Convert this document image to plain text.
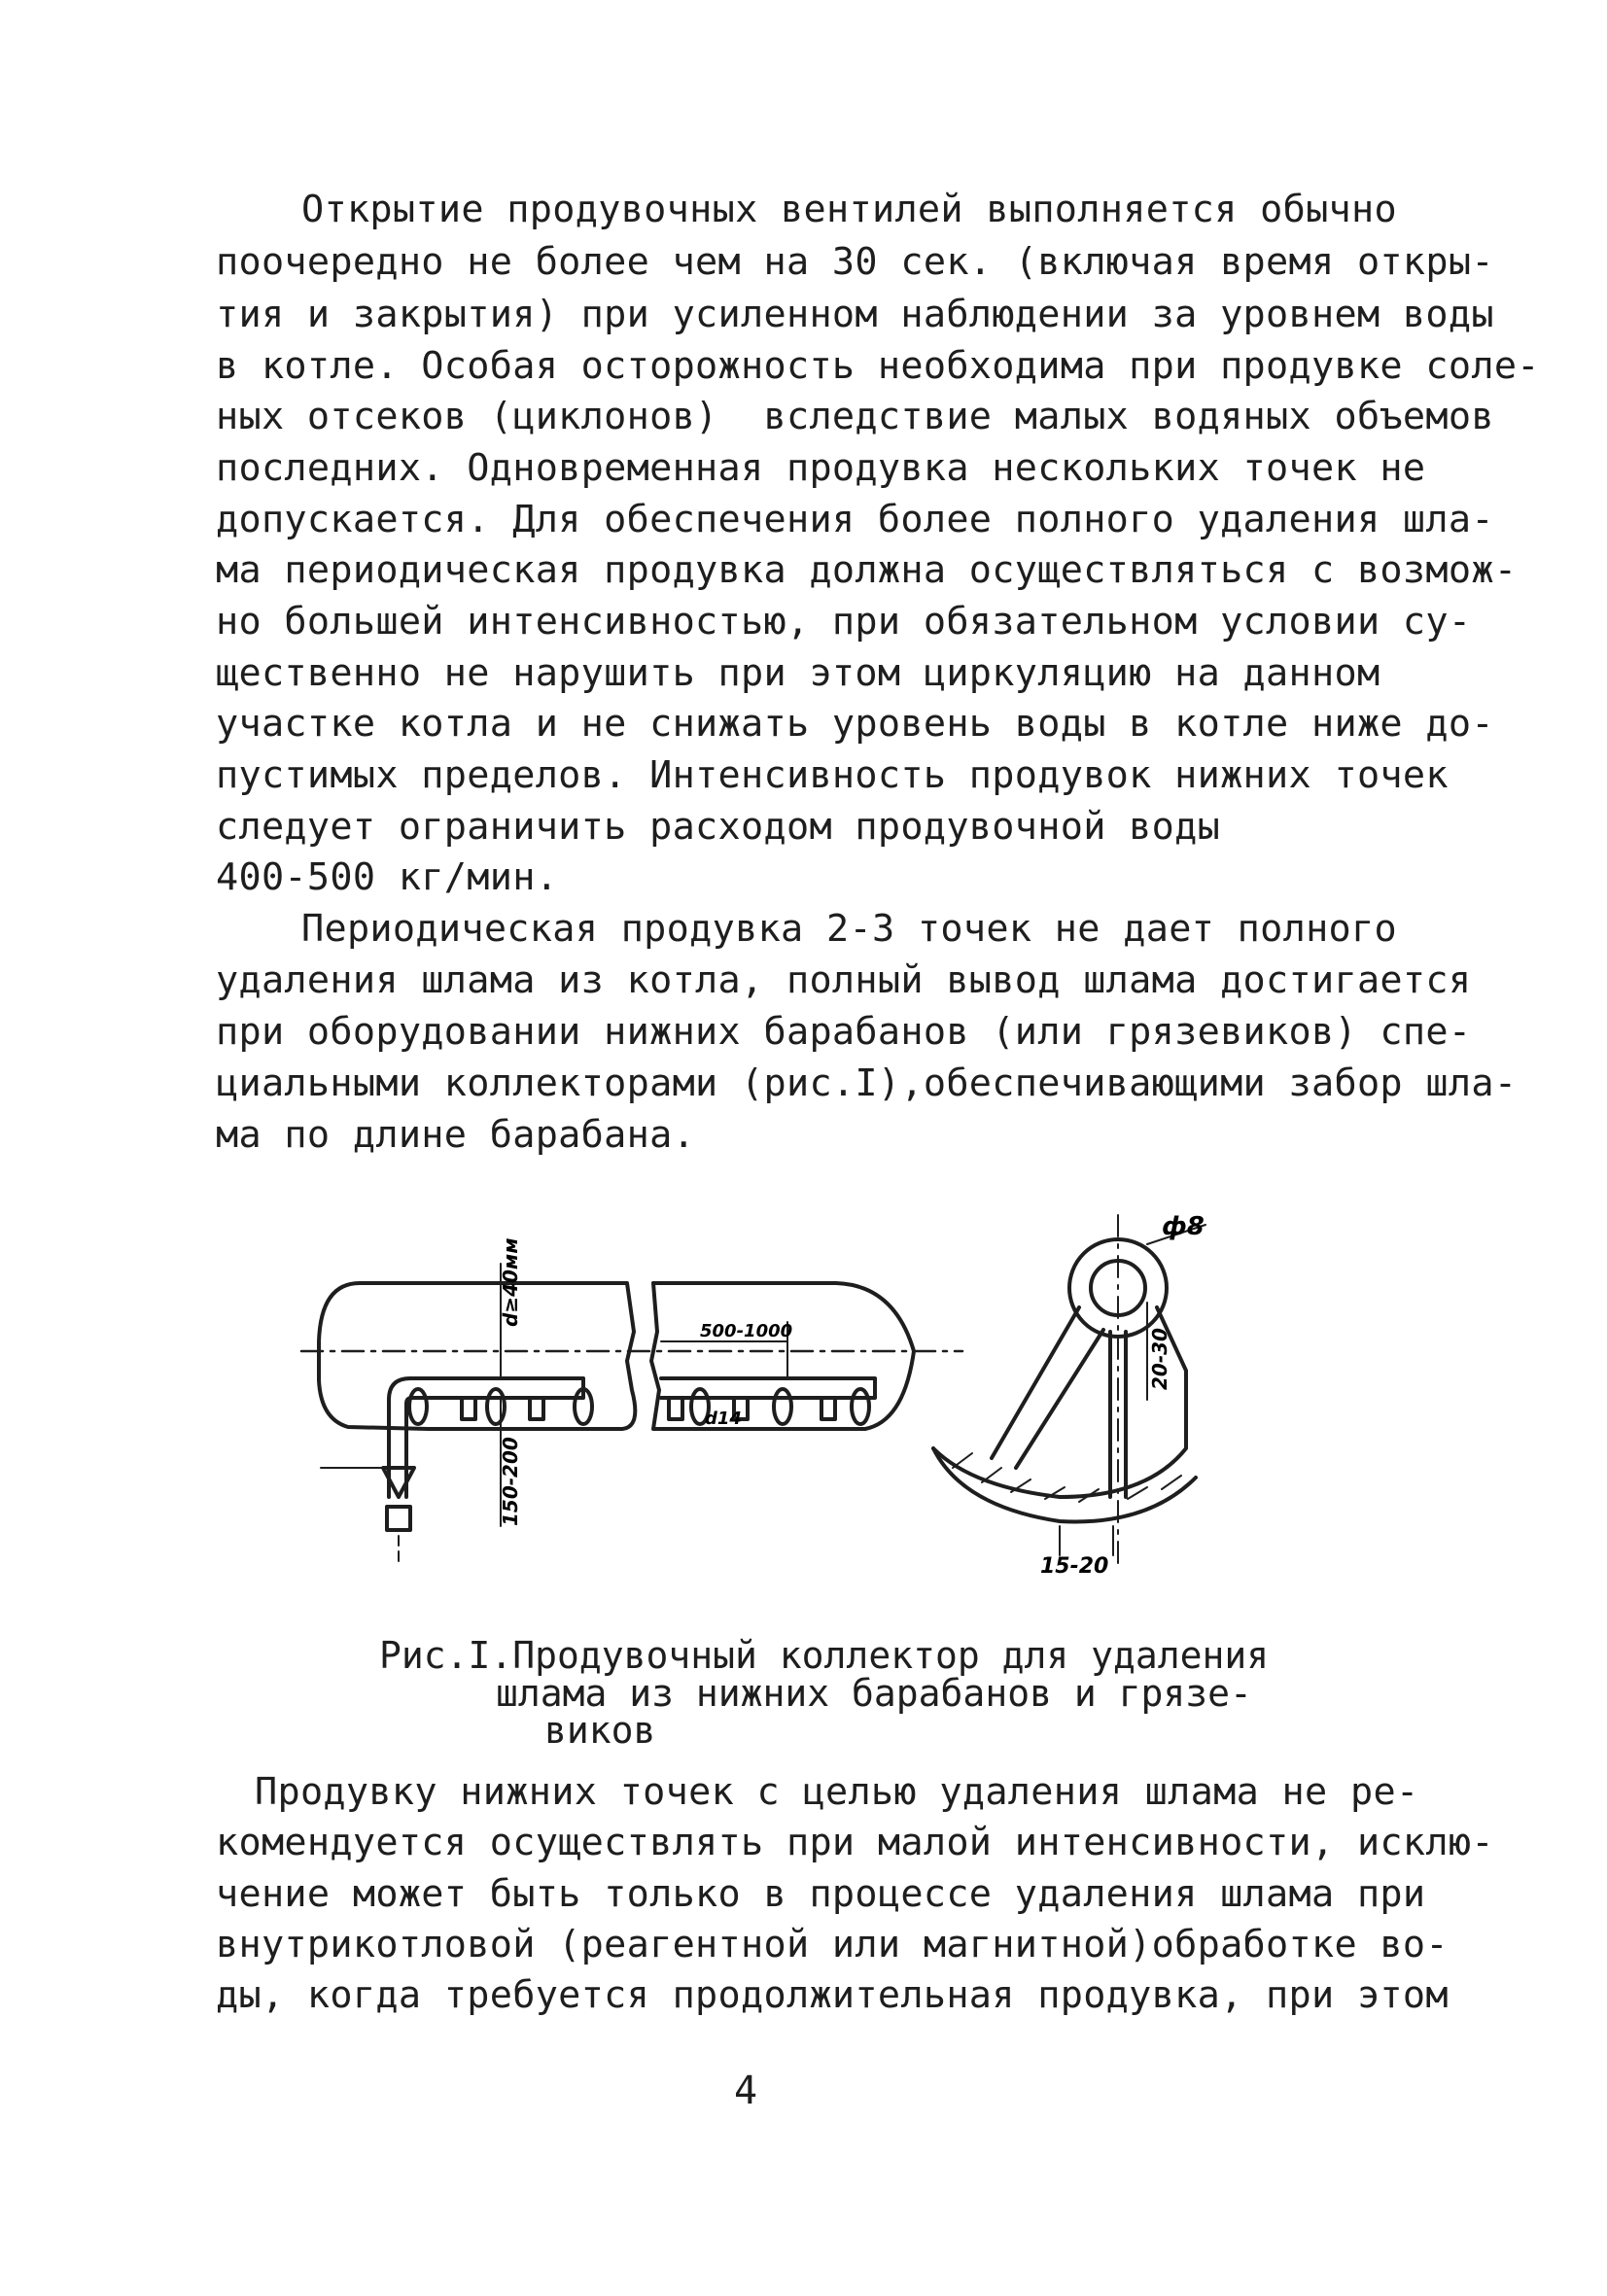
Открытие продувочных вентилей выполняется обычно
поочередно не более чем на 30 сек. (включая время откры-
тия и закрытия) при усиленном наблюдении за уровнем воды
в котле. Особая осторожность необходима при продувке соле-
ных отсеков (циклонов)  вследствие малых водяных объемов
последних. Одновременная продувка нескольких точек не
допускается. Для обеспечения более полного удаления шла-
ма периодическая продувка должна осуществляться с возмож-
но большей интенсивностью, при обязательном условии су-
щественно не нарушить при этом циркуляцию на данном
участке котла и не снижать уровень воды в котле ниже до-
пустимых пределов. Интенсивность продувок нижних точек
следует ограничить расходом продувочной воды
400-500 кг/мин.
Периодическая продувка 2-3 точек не дает полного
удаления шлама из котла, полный вывод шлама достигается
при оборудовании нижних барабанов (или грязевиков) спе-
циальными коллекторами (рис.I),обеспечивающими забор шла-
ма по длине барабана.
d≥40мм
500-1000
150-200
d14
ф8
20-30
15-20
Рис.I.Продувочный коллектор для удаления
шлама из нижних барабанов и грязе-
виков
Продувку нижних точек с целью удаления шлама не ре-
комендуется осуществлять при малой интенсивности, исклю-
чение может быть только в процессе удаления шлама при
внутрикотловой (реагентной или магнитной)обработке во-
ды, когда требуется продолжительная продувка, при этом
4
